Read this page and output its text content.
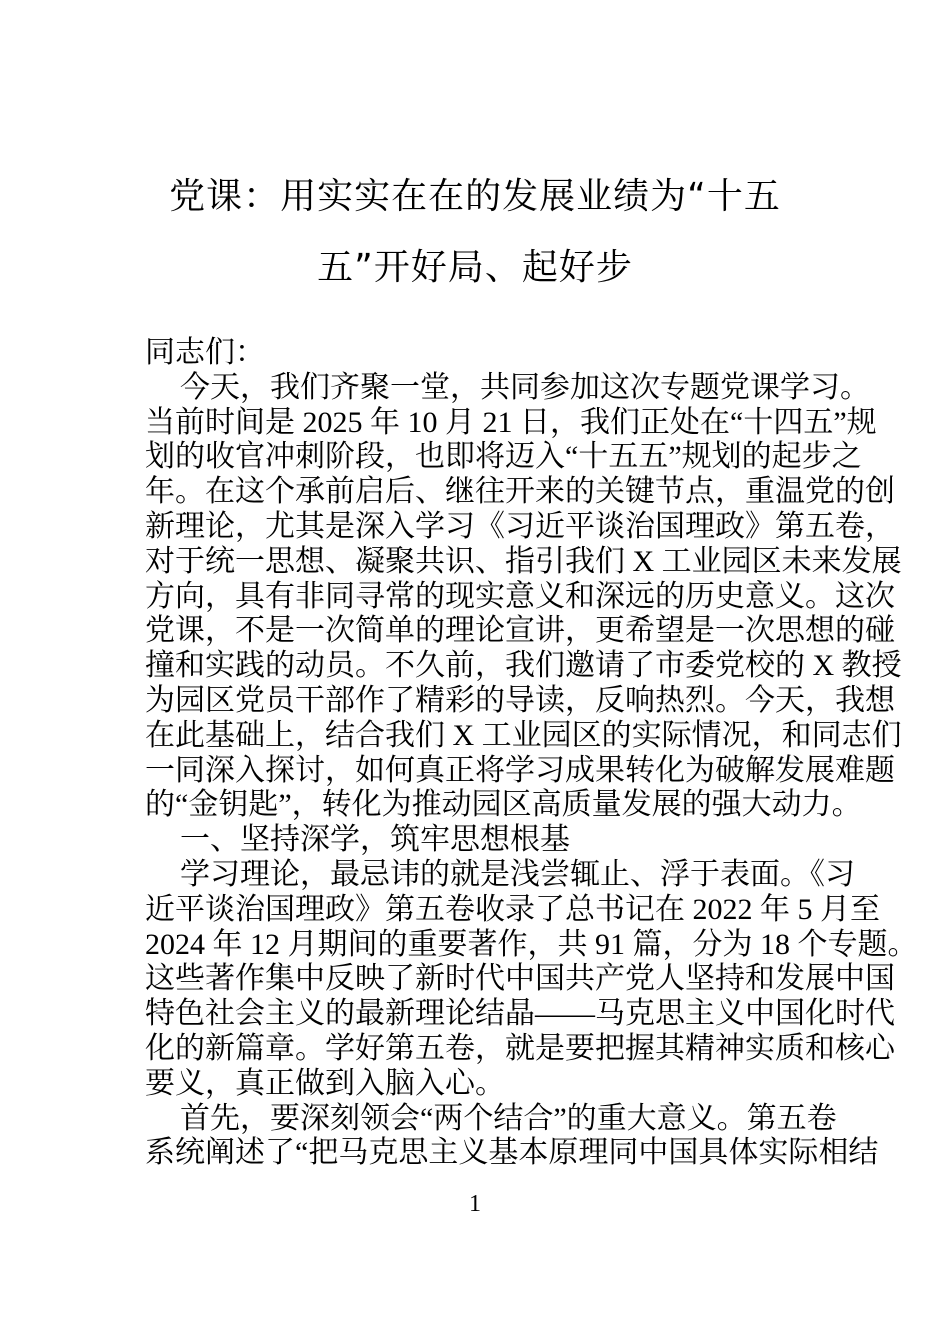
党课：用实实在在的发展业绩为“十五
五”开好局、起好步
同志们：
今天，我们齐聚一堂，共同参加这次专题党课学习。
当前时间是 2025 年 10 月 21 日，我们正处在“十四五”规
划的收官冲刺阶段，也即将迈入“十五五”规划的起步之
年。在这个承前启后、继往开来的关键节点，重温党的创
新理论，尤其是深入学习《习近平谈治国理政》第五卷，
对于统一思想、凝聚共识、指引我们 X 工业园区未来发展
方向，具有非同寻常的现实意义和深远的历史意义。这次
党课，不是一次简单的理论宣讲，更希望是一次思想的碰
撞和实践的动员。不久前，我们邀请了市委党校的 X 教授
为园区党员干部作了精彩的导读，反响热烈。今天，我想
在此基础上，结合我们 X 工业园区的实际情况，和同志们
一同深入探讨，如何真正将学习成果转化为破解发展难题
的“金钥匙”，转化为推动园区高质量发展的强大动力。
一、坚持深学，筑牢思想根基
学习理论，最忌讳的就是浅尝辄止、浮于表面。《习
近平谈治国理政》第五卷收录了总书记在 2022 年 5 月至
2024 年 12 月期间的重要著作，共 91 篇，分为 18 个专题。
这些著作集中反映了新时代中国共产党人坚持和发展中国
特色社会主义的最新理论结晶——马克思主义中国化时代
化的新篇章。学好第五卷，就是要把握其精神实质和核心
要义，真正做到入脑入心。
首先，要深刻领会“两个结合”的重大意义。第五卷
系统阐述了“把马克思主义基本原理同中国具体实际相结
1
